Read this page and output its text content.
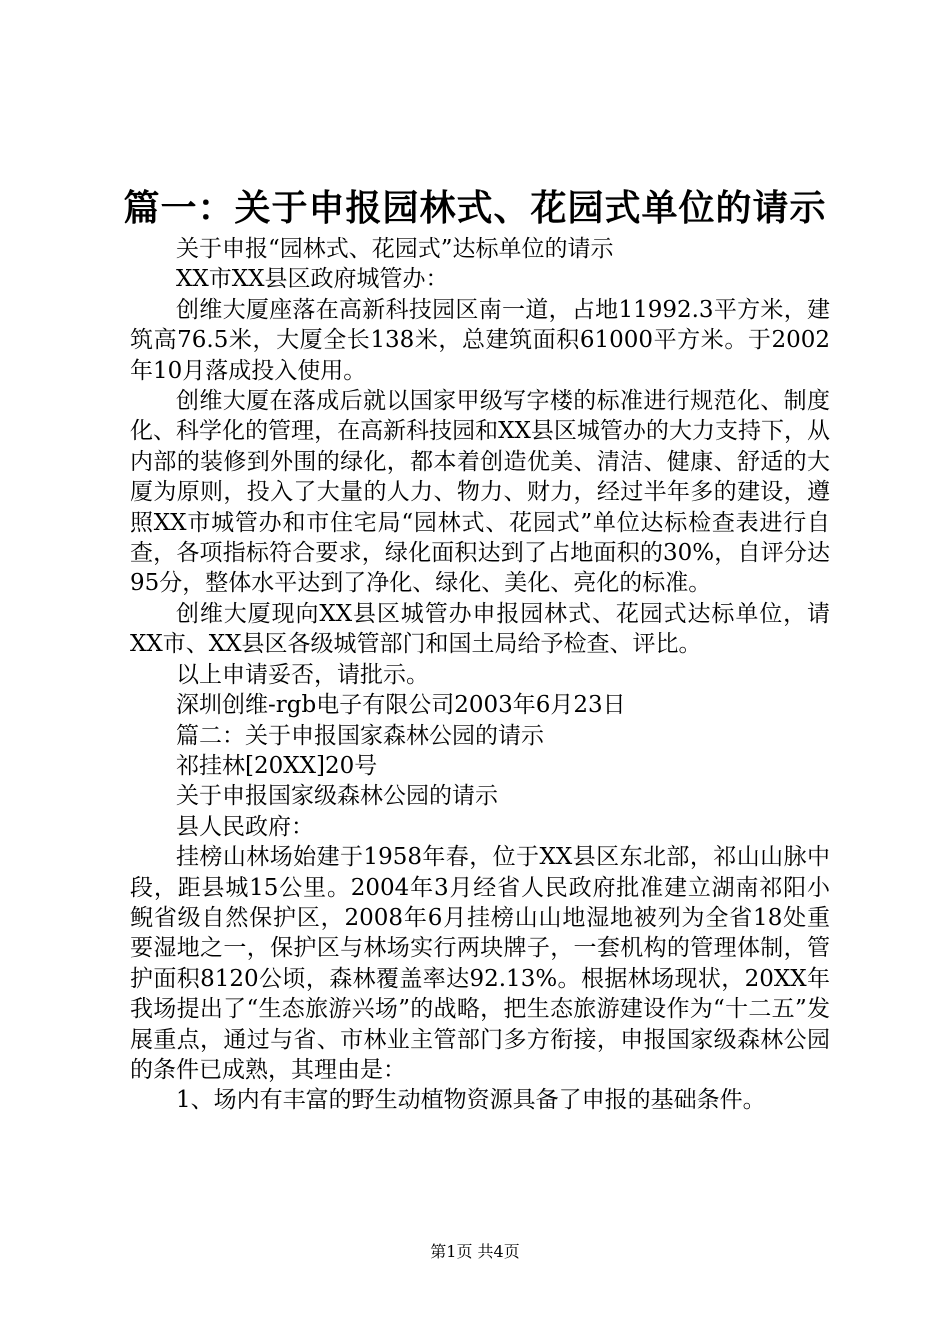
篇一：关于申报园林式、花园式单位的请示

关于申报“园林式、花园式”达标单位的请示

XX市XX县区政府城管办：

创维大厦座落在高新科技园区南一道，占地11992.3平方米，建筑高76.5米，大厦全长138米，总建筑面积61000平方米。于2002年10月落成投入使用。

创维大厦在落成后就以国家甲级写字楼的标准进行规范化、制度化、科学化的管理，在高新科技园和XX县区城管办的大力支持下，从内部的装修到外围的绿化，都本着创造优美、清洁、健康、舒适的大厦为原则，投入了大量的人力、物力、财力，经过半年多的建设，遵照XX市城管办和市住宅局“园林式、花园式”单位达标检查表进行自查，各项指标符合要求，绿化面积达到了占地面积的30%，自评分达95分，整体水平达到了净化、绿化、美化、亮化的标准。

创维大厦现向XX县区城管办申报园林式、花园式达标单位，请XX市、XX县区各级城管部门和国土局给予检查、评比。

以上申请妥否，请批示。

深圳创维-rgb电子有限公司2003年6月23日

篇二：关于申报国家森林公园的请示

祁挂林[20XX]20号

关于申报国家级森林公园的请示

县人民政府：

挂榜山林场始建于1958年春，位于XX县区东北部，祁山山脉中段，距县城15公里。2004年3月经省人民政府批准建立湖南祁阳小鲵省级自然保护区，2008年6月挂榜山山地湿地被列为全省18处重要湿地之一，保护区与林场实行两块牌子，一套机构的管理体制，管护面积8120公顷，森林覆盖率达92.13%。根据林场现状，20XX年我场提出了“生态旅游兴场”的战略，把生态旅游建设作为“十二五”发展重点，通过与省、市林业主管部门多方衔接，申报国家级森林公园的条件已成熟，其理由是：

1、场内有丰富的野生动植物资源具备了申报的基础条件。

第1页 共4页
